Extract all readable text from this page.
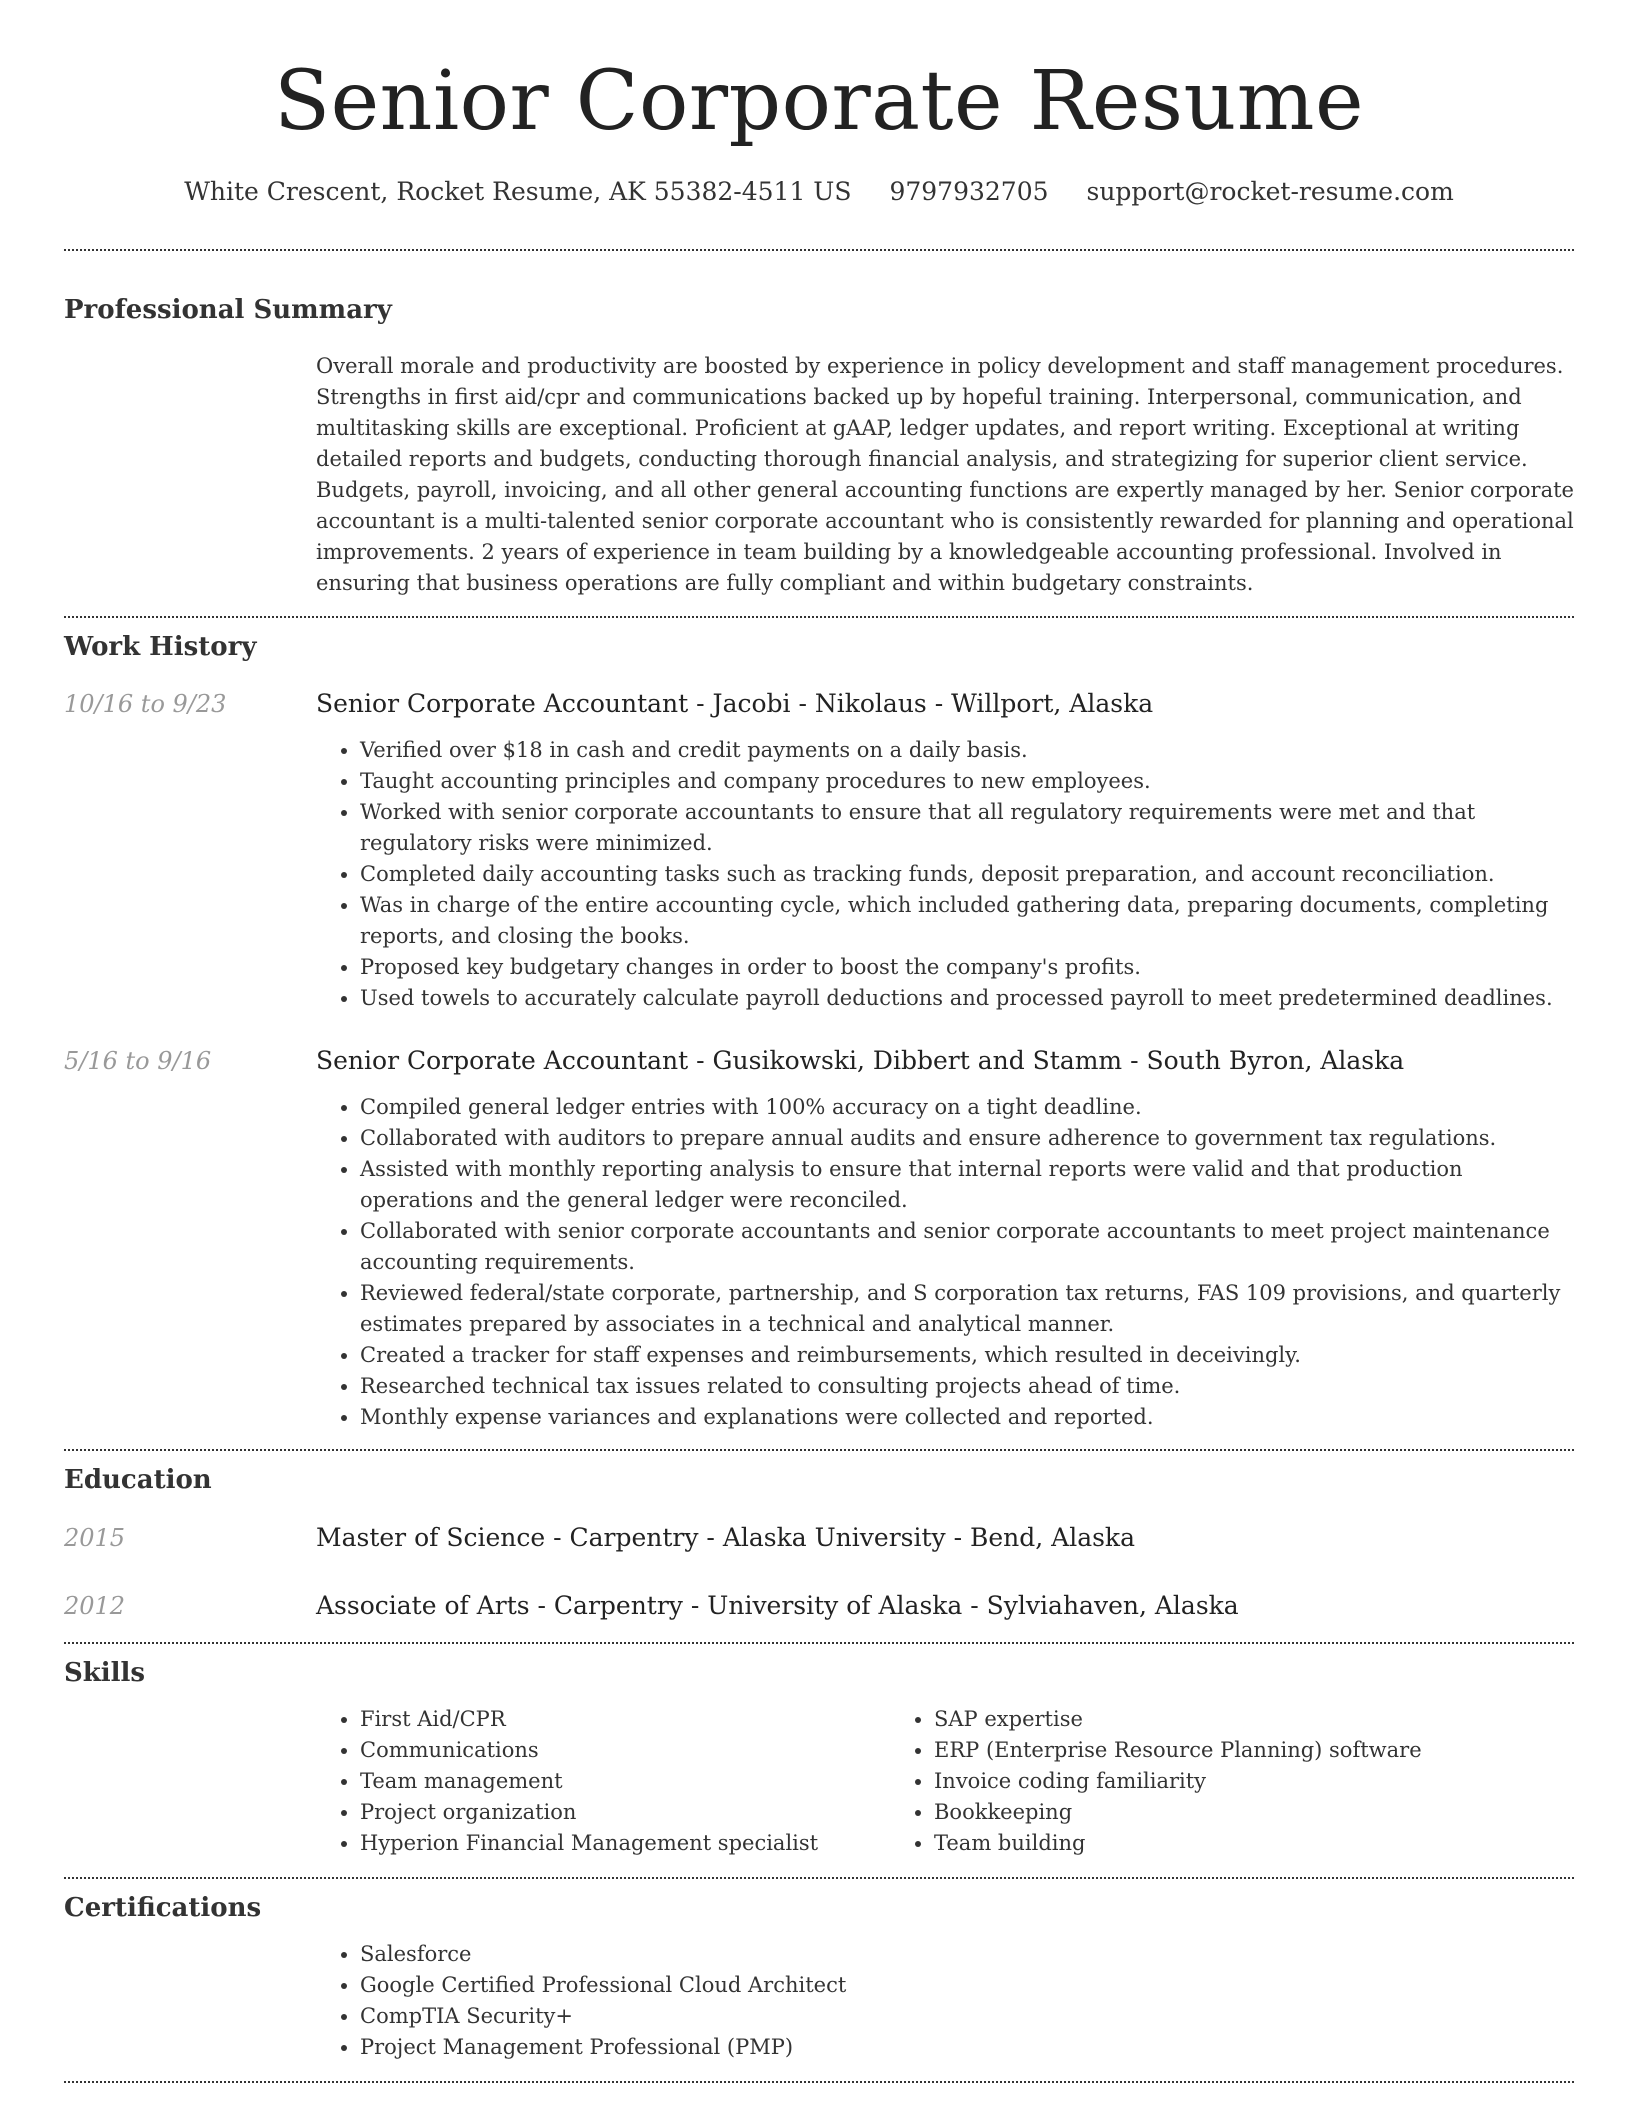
Senior Corporate Resume
White Crescent, Rocket Resume, AK 55382-4511 US 9797932705 support@rocket-resume.com
Professional Summary
Overall morale and productivity are boosted by experience in policy development and staff management procedures. Strengths in first aid/cpr and communications backed up by hopeful training. Interpersonal, communication, and multitasking skills are exceptional. Proficient at gAAP, ledger updates, and report writing. Exceptional at writing detailed reports and budgets, conducting thorough financial analysis, and strategizing for superior client service. Budgets, payroll, invoicing, and all other general accounting functions are expertly managed by her. Senior corporate accountant is a multi-talented senior corporate accountant who is consistently rewarded for planning and operational improvements. 2 years of experience in team building by a knowledgeable accounting professional. Involved in ensuring that business operations are fully compliant and within budgetary constraints.
Work History
10/16 to 9/23	Senior Corporate Accountant - Jacobi - Nikolaus - Willport, Alaska
• Verified over $18 in cash and credit payments on a daily basis.
• Taught accounting principles and company procedures to new employees.
• Worked with senior corporate accountants to ensure that all regulatory requirements were met and that regulatory risks were minimized.
• Completed daily accounting tasks such as tracking funds, deposit preparation, and account reconciliation.
• Was in charge of the entire accounting cycle, which included gathering data, preparing documents, completing reports, and closing the books.
• Proposed key budgetary changes in order to boost the company's profits.
• Used towels to accurately calculate payroll deductions and processed payroll to meet predetermined deadlines.
5/16 to 9/16	Senior Corporate Accountant - Gusikowski, Dibbert and Stamm - South Byron, Alaska
• Compiled general ledger entries with 100% accuracy on a tight deadline.
• Collaborated with auditors to prepare annual audits and ensure adherence to government tax regulations.
• Assisted with monthly reporting analysis to ensure that internal reports were valid and that production operations and the general ledger were reconciled.
• Collaborated with senior corporate accountants and senior corporate accountants to meet project maintenance accounting requirements.
• Reviewed federal/state corporate, partnership, and S corporation tax returns, FAS 109 provisions, and quarterly estimates prepared by associates in a technical and analytical manner.
• Created a tracker for staff expenses and reimbursements, which resulted in deceivingly.
• Researched technical tax issues related to consulting projects ahead of time.
• Monthly expense variances and explanations were collected and reported.
Education
2015	Master of Science - Carpentry - Alaska University - Bend, Alaska
2012	Associate of Arts - Carpentry - University of Alaska - Sylviahaven, Alaska
Skills
• First Aid/CPR
• Communications
• Team management
• Project organization
• Hyperion Financial Management specialist
• SAP expertise
• ERP (Enterprise Resource Planning) software
• Invoice coding familiarity
• Bookkeeping
• Team building
Certifications
• Salesforce
• Google Certified Professional Cloud Architect
• CompTIA Security+
• Project Management Professional (PMP)
